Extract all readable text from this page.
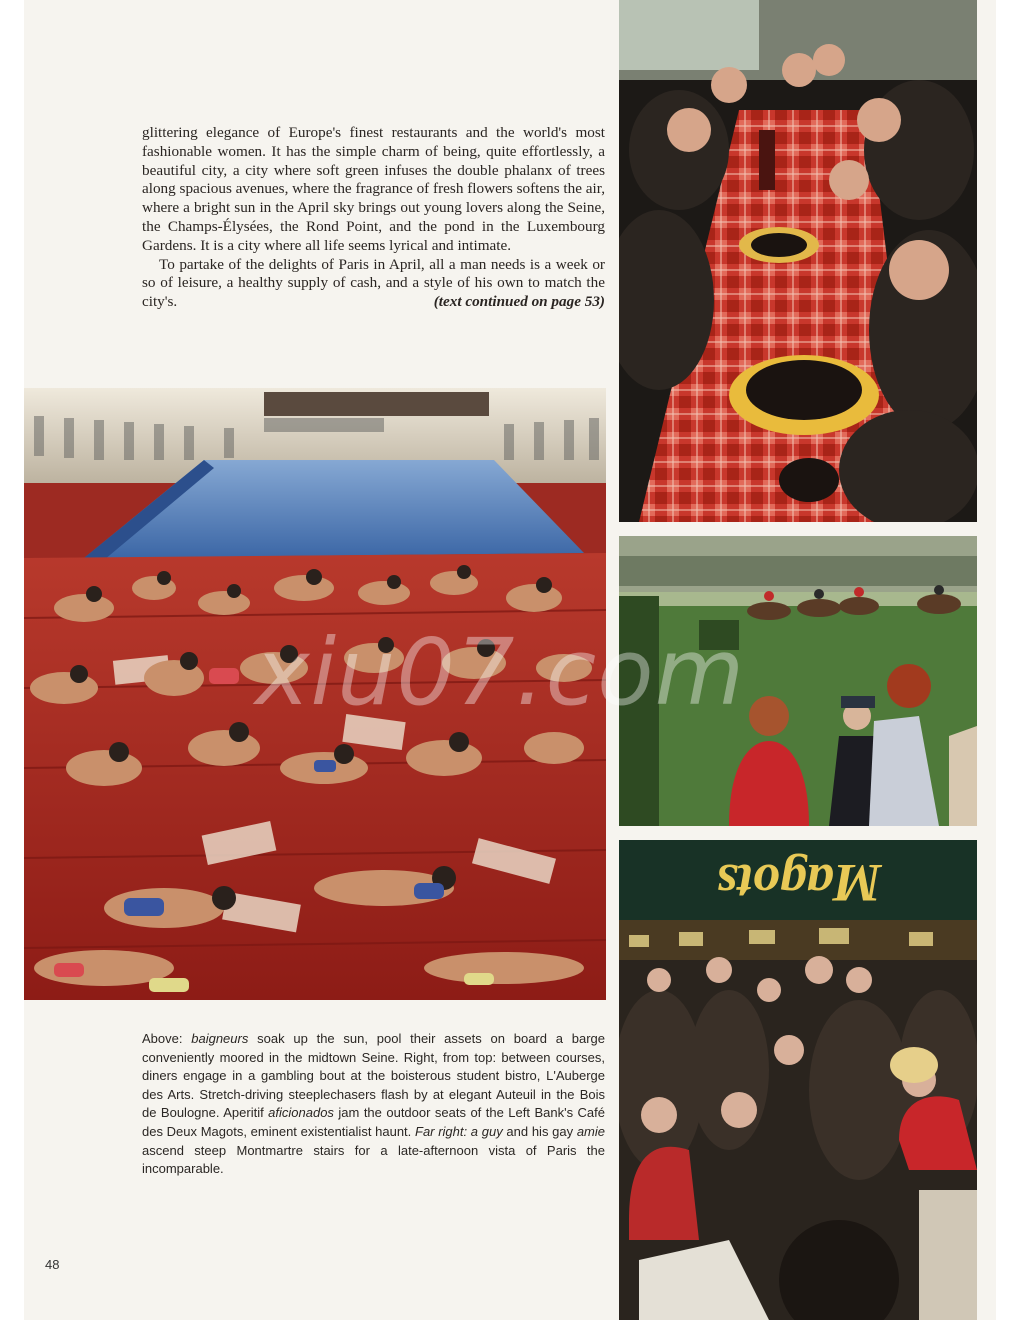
glittering elegance of Europe's finest restaurants and the world's most fashionable women. It has the simple charm of being, quite effortlessly, a beautiful city, a city where soft green infuses the double phalanx of trees along spacious avenues, where the fragrance of fresh flowers softens the air, where a bright sun in the April sky brings out young lovers along the Seine, the Champs-Élysées, the Rond Point, and the pond in the Luxembourg Gardens. It is a city where all life seems lyrical and intimate.

To partake of the delights of Paris in April, all a man needs is a week or so of leisure, a healthy supply of cash, and a style of his own to match the city's.	(text continued on page 53)

Magots

Above: baigneurs soak up the sun, pool their assets on board a barge conveniently moored in the midtown Seine. Right, from top: between courses, diners engage in a gambling bout at the boisterous student bistro, L'Auberge des Arts. Stretch-driving steeplechasers flash by at elegant Auteuil in the Bois de Boulogne. Aperitif aficionados jam the outdoor seats of the Left Bank's Café des Deux Magots, eminent existentialist haunt. Far right: a guy and his gay amie ascend steep Montmartre stairs for a late-afternoon vista of Paris the incomparable.

48
xiu07.com
